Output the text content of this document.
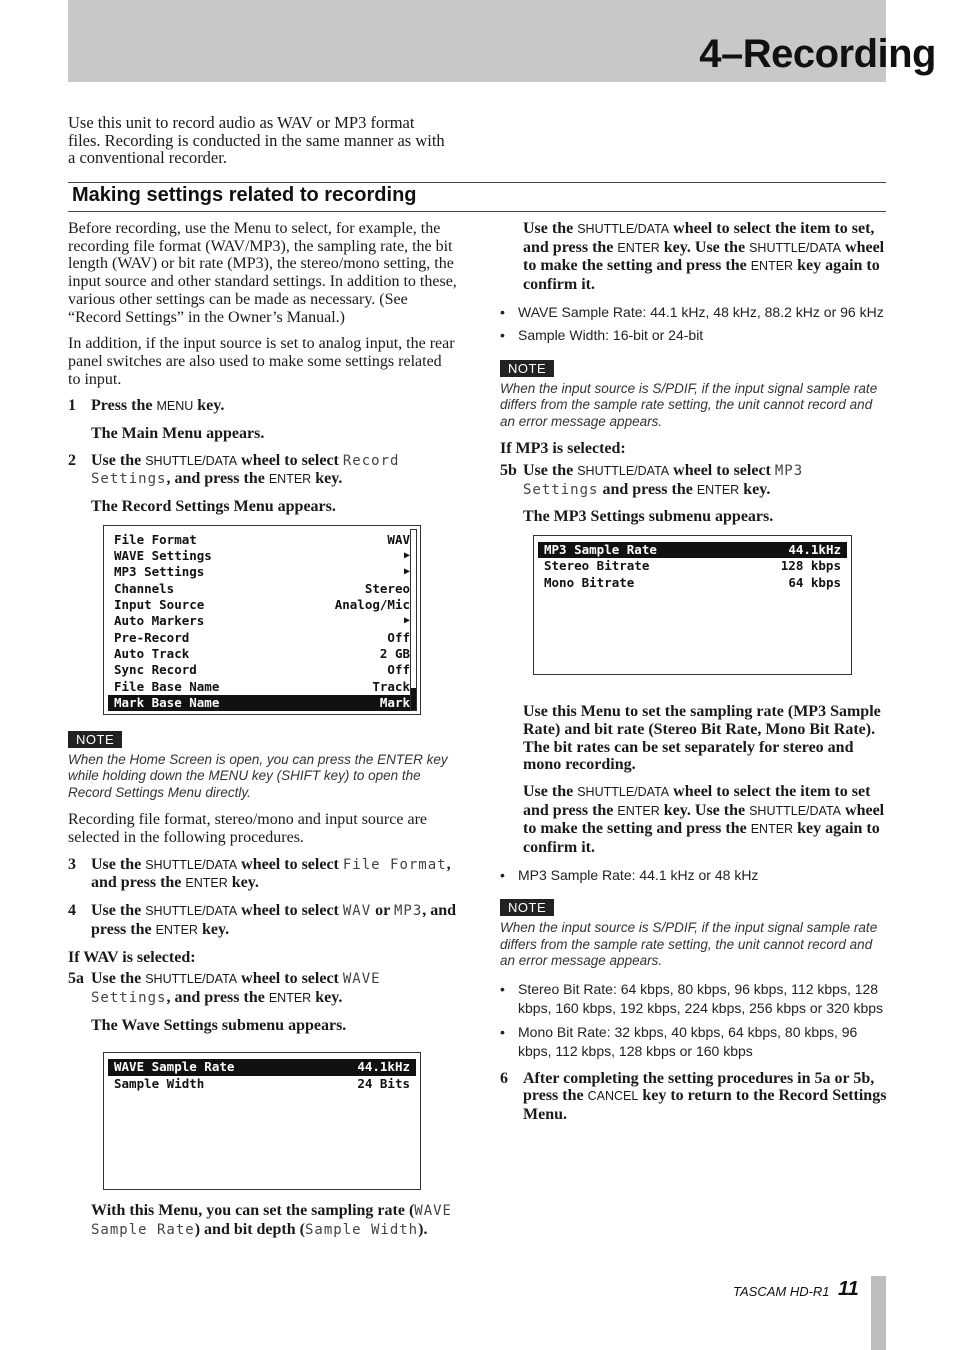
4–Recording
Use this unit to record audio as WAV or MP3 format files. Recording is conducted in the same manner as with a conventional recorder.
Making settings related to recording

Before recording, use the Menu to select, for example, the recording file format (WAV/MP3), the sampling rate, the bit length (WAV) or bit rate (MP3), the stereo/mono setting, the input source and other standard settings. In addition to these, various other settings can be made as necessary. (See “Record Settings” in the Owner’s Manual.)

In addition, if the input source is set to analog input, the rear panel switches are also used to make some settings related to input.

1 Press the MENU key.
The Main Menu appears.
2 Use the SHUTTLE/DATA wheel to select Record Settings, and press the ENTER key.
The Record Settings Menu appears.
File Format	WAV
WAVE Settings	▶
MP3 Settings	▶
Channels	Stereo
Input Source	Analog/Mic
Auto Markers	▶
Pre-Record	Off
Auto Track	2 GB
Sync Record	Off
File Base Name	Track
Mark Base Name	Mark
NOTE

When the Home Screen is open, you can press the ENTER key while holding down the MENU key (SHIFT key) to open the Record Settings Menu directly.

Recording file format, stereo/mono and input source are selected in the following procedures.

3 Use the SHUTTLE/DATA wheel to select File Format, and press the ENTER key.
4 Use the SHUTTLE/DATA wheel to select WAV or MP3, and press the ENTER key.

If WAV is selected:

5a Use the SHUTTLE/DATA wheel to select WAVE Settings, and press the ENTER key.
The Wave Settings submenu appears.
WAVE Sample Rate	44.1kHz
Sample Width	24 Bits
With this Menu, you can set the sampling rate (WAVE Sample Rate) and bit depth (Sample Width).
Use the SHUTTLE/DATA wheel to select the item to set, and press the ENTER key. Use the SHUTTLE/DATA wheel to make the setting and press the ENTER key again to confirm it.
• WAVE Sample Rate: 44.1 kHz, 48 kHz, 88.2 kHz or 96 kHz
• Sample Width: 16-bit or 24-bit
NOTE

When the input source is S/PDIF, if the input signal sample rate differs from the sample rate setting, the unit cannot record and an error message appears.

If MP3 is selected:

5b Use the SHUTTLE/DATA wheel to select MP3 Settings and press the ENTER key.
The MP3 Settings submenu appears.
MP3 Sample Rate	44.1kHz
Stereo Bitrate	128 kbps
Mono Bitrate	64 kbps
Use this Menu to set the sampling rate (MP3 Sample Rate) and bit rate (Stereo Bit Rate, Mono Bit Rate). The bit rates can be set separately for stereo and mono recording.
Use the SHUTTLE/DATA wheel to select the item to set and press the ENTER key. Use the SHUTTLE/DATA wheel to make the setting and press the ENTER key again to confirm it.
• MP3 Sample Rate: 44.1 kHz or 48 kHz
NOTE

When the input source is S/PDIF, if the input signal sample rate differs from the sample rate setting, the unit cannot record and an error message appears.

• Stereo Bit Rate: 64 kbps, 80 kbps, 96 kbps, 112 kbps, 128 kbps, 160 kbps, 192 kbps, 224 kbps, 256 kbps or 320 kbps
• Mono Bit Rate: 32 kbps, 40 kbps, 64 kbps, 80 kbps, 96 kbps, 112 kbps, 128 kbps or 160 kbps
6 After completing the setting procedures in 5a or 5b, press the CANCEL key to return to the Record Settings Menu.
TASCAM HD-R1 11
